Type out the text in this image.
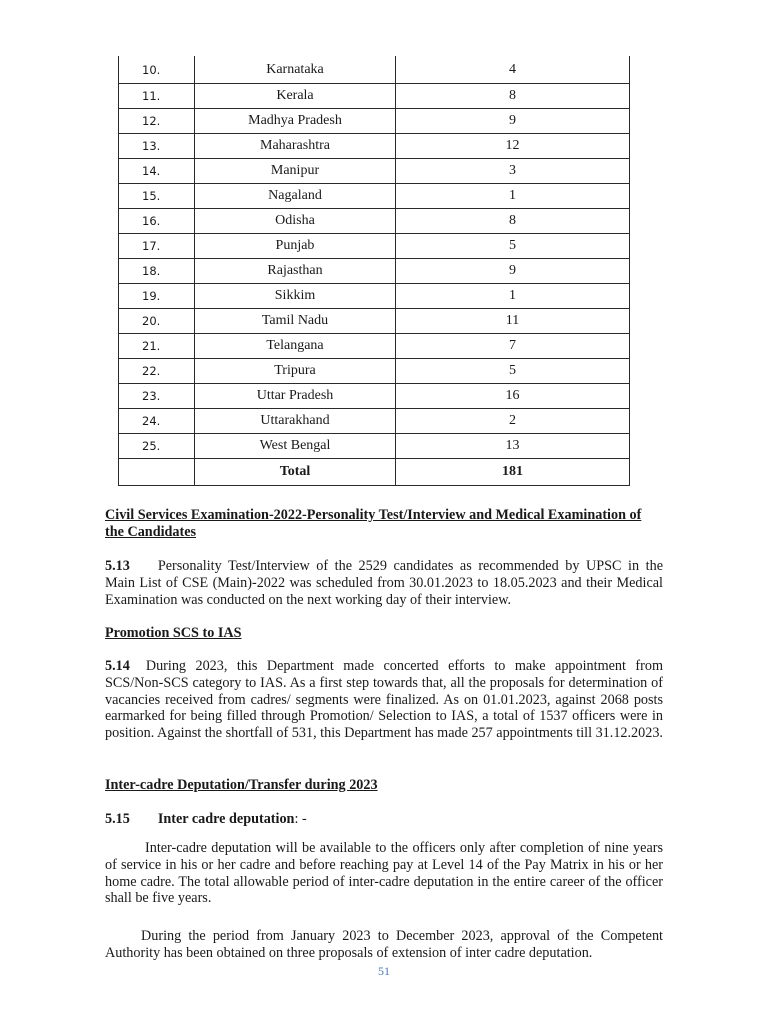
10.	Karnataka	4
11.	Kerala	8
12.	Madhya Pradesh	9
13.	Maharashtra	12
14.	Manipur	3
15.	Nagaland	1
16.	Odisha	8
17.	Punjab	5
18.	Rajasthan	9
19.	Sikkim	1
20.	Tamil Nadu	11
21.	Telangana	7
22.	Tripura	5
23.	Uttar Pradesh	16
24.	Uttarakhand	2
25.	West Bengal	13
	Total	181
Civil Services Examination-2022-Personality Test/Interview and Medical Examination of the Candidates
5.13 Personality Test/Interview of the 2529 candidates as recommended by UPSC in the Main List of CSE (Main)-2022 was scheduled from 30.01.2023 to 18.05.2023 and their Medical Examination was conducted on the next working day of their interview.
Promotion SCS to IAS
5.14 During 2023, this Department made concerted efforts to make appointment from SCS/Non-SCS category to IAS. As a first step towards that, all the proposals for determination of vacancies received from cadres/ segments were finalized. As on 01.01.2023, against 2068 posts earmarked for being filled through Promotion/ Selection to IAS, a total of 1537 officers were in position. Against the shortfall of 531, this Department has made 257 appointments till 31.12.2023.
Inter-cadre Deputation/Transfer during 2023
5.15 Inter cadre deputation: -
Inter-cadre deputation will be available to the officers only after completion of nine years of service in his or her cadre and before reaching pay at Level 14 of the Pay Matrix in his or her home cadre. The total allowable period of inter-cadre deputation in the entire career of the officer shall be five years.
During the period from January 2023 to December 2023, approval of the Competent Authority has been obtained on three proposals of extension of inter cadre deputation.
51
